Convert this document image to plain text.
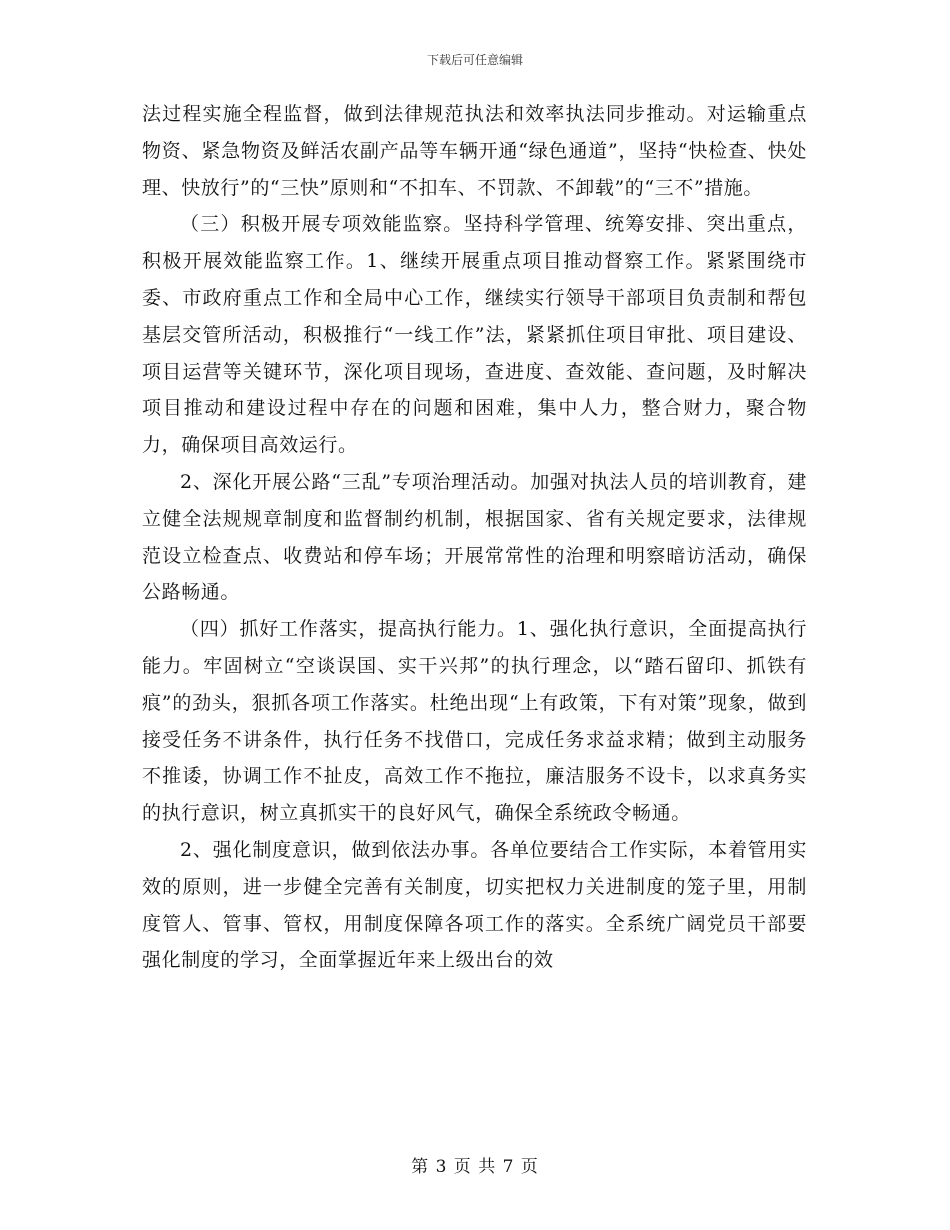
下载后可任意编辑

法过程实施全程监督，做到法律规范执法和效率执法同步推动。对运输重点物资、紧急物资及鲜活农副产品等车辆开通“绿色通道”，坚持“快检查、快处理、快放行”的“三快”原则和“不扣车、不罚款、不卸载”的“三不”措施。

（三）积极开展专项效能监察。坚持科学管理、统筹安排、突出重点，积极开展效能监察工作。1、继续开展重点项目推动督察工作。紧紧围绕市委、市政府重点工作和全局中心工作，继续实行领导干部项目负责制和帮包基层交管所活动，积极推行“一线工作”法，紧紧抓住项目审批、项目建设、项目运营等关键环节，深化项目现场，查进度、查效能、查问题，及时解决项目推动和建设过程中存在的问题和困难，集中人力，整合财力，聚合物力，确保项目高效运行。

2、深化开展公路“三乱”专项治理活动。加强对执法人员的培训教育，建立健全法规规章制度和监督制约机制，根据国家、省有关规定要求，法律规范设立检查点、收费站和停车场；开展常常性的治理和明察暗访活动，确保公路畅通。

（四）抓好工作落实，提高执行能力。1、强化执行意识，全面提高执行能力。牢固树立“空谈误国、实干兴邦”的执行理念，以“踏石留印、抓铁有痕”的劲头，狠抓各项工作落实。杜绝出现“上有政策，下有对策”现象，做到接受任务不讲条件，执行任务不找借口，完成任务求益求精；做到主动服务不推诿，协调工作不扯皮，高效工作不拖拉，廉洁服务不设卡，以求真务实的执行意识，树立真抓实干的良好风气，确保全系统政令畅通。

2、强化制度意识，做到依法办事。各单位要结合工作实际，本着管用实效的原则，进一步健全完善有关制度，切实把权力关进制度的笼子里，用制度管人、管事、管权，用制度保障各项工作的落实。全系统广阔党员干部要强化制度的学习，全面掌握近年来上级出台的效

第 3 页 共 7 页
